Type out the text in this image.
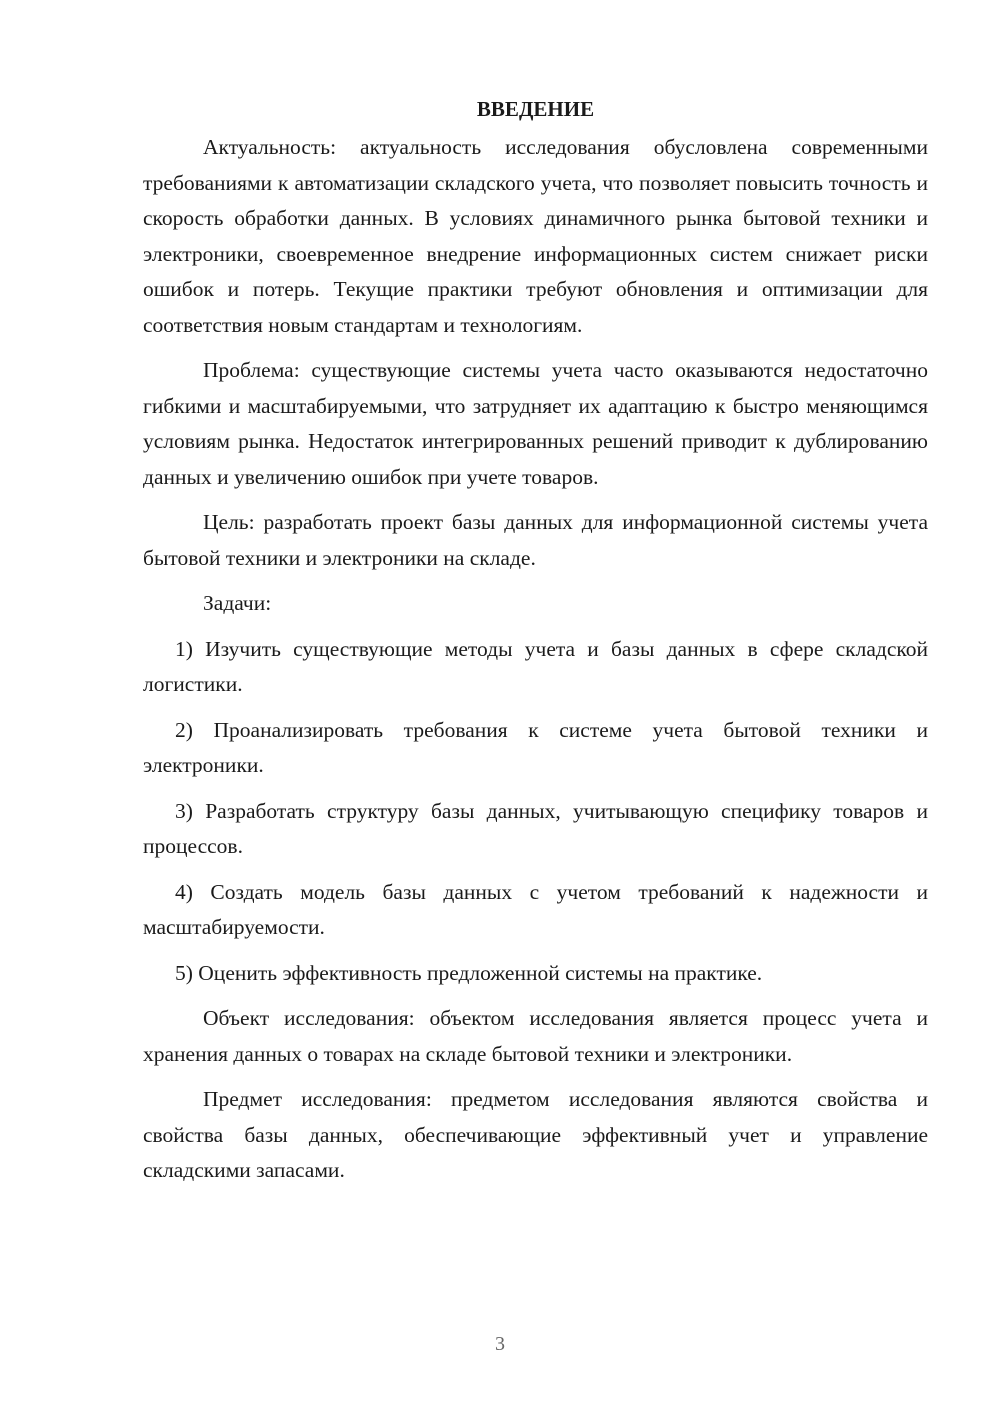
ВВЕДЕНИЕ

Актуальность: актуальность исследования обусловлена современными требованиями к автоматизации складского учета, что позволяет повысить точность и скорость обработки данных. В условиях динамичного рынка бытовой техники и электроники, своевременное внедрение информационных систем снижает риски ошибок и потерь. Текущие практики требуют обновления и оптимизации для соответствия новым стандартам и технологиям.

Проблема: существующие системы учета часто оказываются недостаточно гибкими и масштабируемыми, что затрудняет их адаптацию к быстро меняющимся условиям рынка. Недостаток интегрированных решений приводит к дублированию данных и увеличению ошибок при учете товаров.

Цель: разработать проект базы данных для информационной системы учета бытовой техники и электроники на складе.

Задачи:

1) Изучить существующие методы учета и базы данных в сфере складской логистики.

2) Проанализировать требования к системе учета бытовой техники и электроники.

3) Разработать структуру базы данных, учитывающую специфику товаров и процессов.

4) Создать модель базы данных с учетом требований к надежности и масштабируемости.

5) Оценить эффективность предложенной системы на практике.

Объект исследования: объектом исследования является процесс учета и хранения данных о товарах на складе бытовой техники и электроники.

Предмет исследования: предметом исследования являются свойства и свойства базы данных, обеспечивающие эффективный учет и управление складскими запасами.

3
